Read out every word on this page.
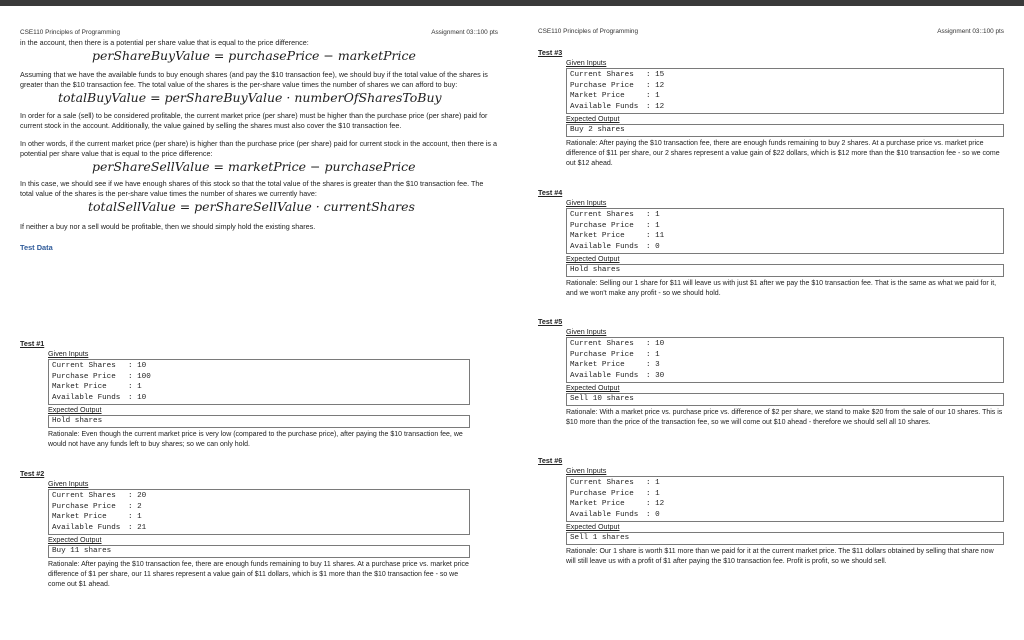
CSE110 Principles of Programming	Assignment 03::100 pts

in the account, then there is a potential per share value that is equal to the price difference:

perShareBuyValue = purchasePrice − marketPrice

Assuming that we have the available funds to buy enough shares (and pay the $10 transaction fee), we should buy if the total value of the shares is greater than the $10 transaction fee. The total value of the shares is the per-share value times the number of shares we can afford to buy:

totalBuyValue = perShareBuyValue · numberOfSharesToBuy

In order for a sale (sell) to be considered profitable, the current market price (per share) must be higher than the purchase price (per share) paid for current stock in the account. Additionally, the value gained by selling the shares must also cover the $10 transaction fee.

In other words, if the current market price (per share) is higher than the purchase price (per share) paid for current stock in the account, then there is a potential per share value that is equal to the price difference:

perShareSellValue = marketPrice − purchasePrice

In this case, we should see if we have enough shares of this stock so that the total value of the shares is greater than the $10 transaction fee. The total value of the shares is the per-share value times the number of shares we currently have:

totalSellValue = perShareSellValue · currentShares

If neither a buy nor a sell would be profitable, then we should simply hold the existing shares.

Test Data
Test #1
Given Inputs
Current Shares	: 10
Purchase Price	: 100
Market Price	: 1
Available Funds	: 10
Expected Output
Hold shares

Rationale: Even though the current market price is very low (compared to the purchase price), after paying the $10 transaction fee, we would not have any funds left to buy shares; so we can only hold.

Test #2
Given Inputs
Current Shares	: 20
Purchase Price	: 2
Market Price	: 1
Available Funds	: 21
Expected Output
Buy 11 shares

Rationale: After paying the $10 transaction fee, there are enough funds remaining to buy 11 shares. At a purchase price vs. market price difference of $1 per share, our 11 shares represent a value gain of $11 dollars, which is $1 more than the $10 transaction fee - so we come out $1 ahead.

CSE110 Principles of Programming	Assignment 03::100 pts
Test #3
Given Inputs
Current Shares	: 15
Purchase Price	: 12
Market Price	: 1
Available Funds	: 12
Expected Output
Buy 2 shares

Rationale: After paying the $10 transaction fee, there are enough funds remaining to buy 2 shares. At a purchase price vs. market price difference of $11 per share, our 2 shares represent a value gain of $22 dollars, which is $12 more than the $10 transaction fee - so we come out $12 ahead.

Test #4
Given Inputs
Current Shares	: 1
Purchase Price	: 1
Market Price	: 11
Available Funds	: 0
Expected Output
Hold shares

Rationale: Selling our 1 share for $11 will leave us with just $1 after we pay the $10 transaction fee. That is the same as what we paid for it, and we won't make any profit - so we should hold.

Test #5
Given Inputs
Current Shares	: 10
Purchase Price	: 1
Market Price	: 3
Available Funds	: 30
Expected Output
Sell 10 shares

Rationale: With a market price vs. purchase price vs. difference of $2 per share, we stand to make $20 from the sale of our 10 shares. This is $10 more than the price of the transaction fee, so we will come out $10 ahead - therefore we should sell all 10 shares.

Test #6
Given Inputs
Current Shares	: 1
Purchase Price	: 1
Market Price	: 12
Available Funds	: 0
Expected Output
Sell 1 shares

Rationale: Our 1 share is worth $11 more than we paid for it at the current market price. The $11 dollars obtained by selling that share now will still leave us with a profit of $1 after paying the $10 transaction fee. Profit is profit, so we should sell.
